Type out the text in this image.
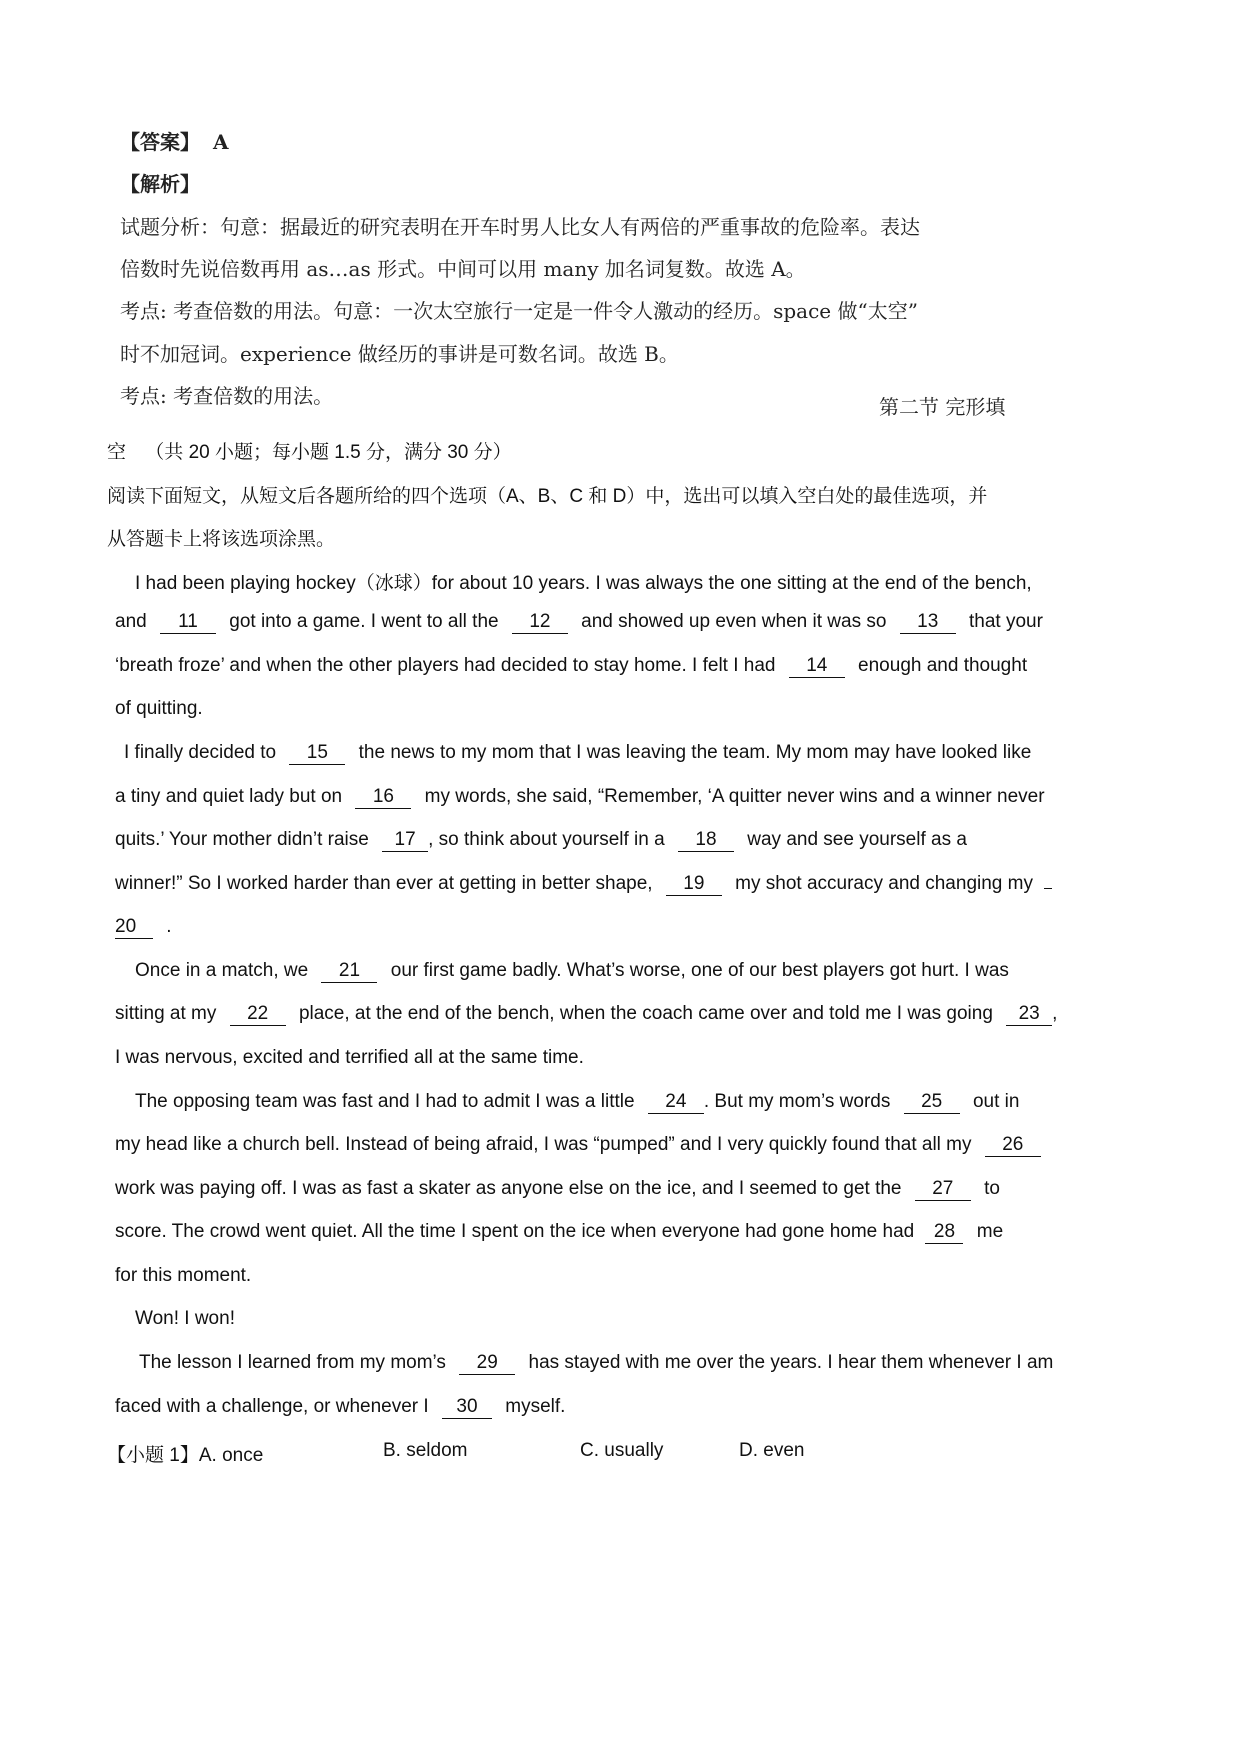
【答案】 A
【解析】
试题分析：句意：据最近的研究表明在开车时男人比女人有两倍的严重事故的危险率。表达
倍数时先说倍数再用 as…as 形式。中间可以用 many 加名词复数。故选 A。
考点: 考查倍数的用法。句意：一次太空旅行一定是一件令人激动的经历。space 做“太空”
时不加冠词。experience 做经历的事讲是可数名词。故选 B。
考点: 考查倍数的用法。	第二节 完形填
空 （共 20 小题；每小题 1.5 分，满分 30 分）
阅读下面短文，从短文后各题所给的四个选项（A、B、C 和 D）中，选出可以填入空白处的最佳选项，并
从答题卡上将该选项涂黑。
I had been playing hockey（冰球）for about 10 years. I was always the one sitting at the end of the bench,
and 11 got into a game. I went to all the 12 and showed up even when it was so 13 that your
‘breath froze’ and when the other players had decided to stay home. I felt I had 14 enough and thought
of quitting.
I finally decided to 15 the news to my mom that I was leaving the team. My mom may have looked like
a tiny and quiet lady but on 16 my words, she said, “Remember, ‘A quitter never wins and a winner never
quits.’ Your mother didn’t raise 17 , so think about yourself in a 18 way and see yourself as a
winner!” So I worked harder than ever at getting in better shape, 19 my shot accuracy and changing my
20 .
Once in a match, we 21 our first game badly. What’s worse, one of our best players got hurt. I was
sitting at my 22 place, at the end of the bench, when the coach came over and told me I was going 23 ,
I was nervous, excited and terrified all at the same time.
The opposing team was fast and I had to admit I was a little 24 . But my mom’s words 25 out in
my head like a church bell. Instead of being afraid, I was “pumped” and I very quickly found that all my 26
work was paying off. I was as fast a skater as anyone else on the ice, and I seemed to get the 27 to
score. The crowd went quiet. All the time I spent on the ice when everyone had gone home had 28 me
for this moment.
Won! I won!
The lesson I learned from my mom’s 29 has stayed with me over the years. I hear them whenever I am
faced with a challenge, or whenever I 30 myself.
【小题 1】A. once	B. seldom	C. usually	D. even
